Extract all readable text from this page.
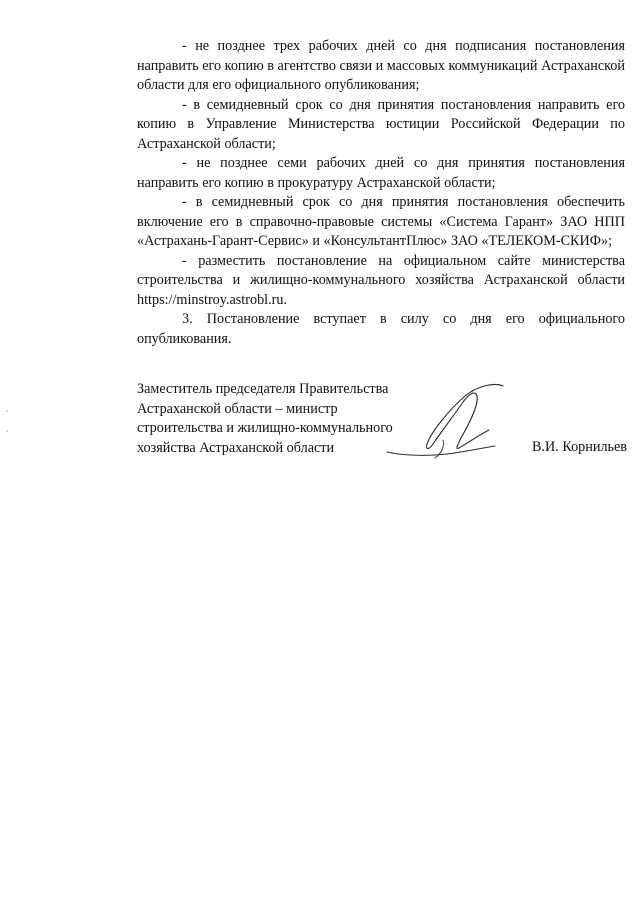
- не позднее трех рабочих дней со дня подписания постановления направить его копию в агентство связи и массовых коммуникаций Астраханской области для его официального опубликования;

- в семидневный срок со дня принятия постановления направить его копию в Управление Министерства юстиции Российской Федерации по Астраханской области;

- не позднее семи рабочих дней со дня принятия постановления направить его копию в прокуратуру Астраханской области;

- в семидневный срок со дня принятия постановления обеспечить включение его в справочно-правовые системы «Система Гарант» ЗАО НПП «Астрахань-Гарант-Сервис» и «КонсультантПлюс» ЗАО «ТЕЛЕКОМ-СКИФ»;

- разместить постановление на официальном сайте министерства строительства и жилищно-коммунального хозяйства Астраханской области https://minstroy.astrobl.ru.

3. Постановление вступает в силу со дня его официального опубликования.

Заместитель председателя Правительства
Астраханской области – министр
строительства и жилищно-коммунального
хозяйства Астраханской области	В.И. Корнильев
